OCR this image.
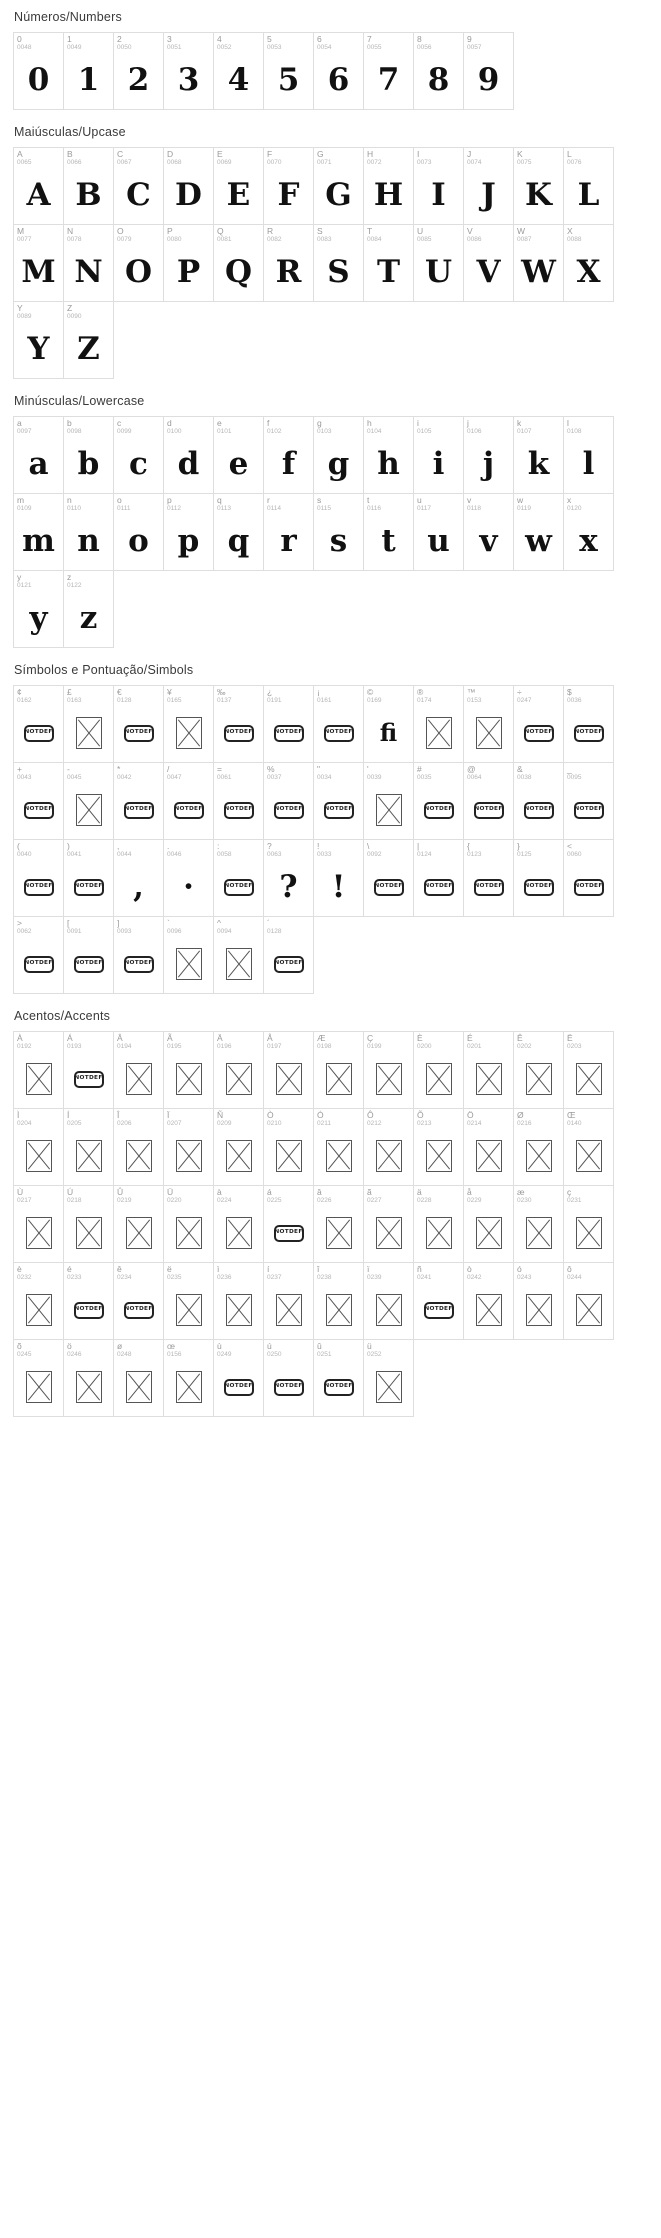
Números/Numbers
0
0048
0
1
0049
1
2
0050
2
3
0051
3
4
0052
4
5
0053
5
6
0054
6
7
0055
7
8
0056
8
9
0057
9
Maiúsculas/Upcase
A
0065
A
B
0066
B
C
0067
C
D
0068
D
E
0069
E
F
0070
F
G
0071
G
H
0072
H
I
0073
I
J
0074
J
K
0075
K
L
0076
L
M
0077
M
N
0078
N
O
0079
O
P
0080
P
Q
0081
Q
R
0082
R
S
0083
S
T
0084
T
U
0085
U
V
0086
V
W
0087
W
X
0088
X
Y
0089
Y
Z
0090
Z
Minúsculas/Lowercase
a
0097
a
b
0098
b
c
0099
c
d
0100
d
e
0101
e
f
0102
f
g
0103
g
h
0104
h
i
0105
i
j
0106
j
k
0107
k
l
0108
l
m
0109
m
n
0110
n
o
0111
o
p
0112
p
q
0113
q
r
0114
r
s
0115
s
t
0116
t
u
0117
u
v
0118
v
w
0119
w
x
0120
x
y
0121
y
z
0122
z
Símbolos e Pontuação/Simbols
¢
0162
NOTDEF
£
0163
€
0128
NOTDEF
¥
0165
‰
0137
NOTDEF
¿
0191
NOTDEF
¡
0161
NOTDEF
©
0169
fi
®
0174
™
0153
÷
0247
NOTDEF
$
0036
NOTDEF
+
0043
NOTDEF
-
0045
*
0042
NOTDEF
/
0047
NOTDEF
=
0061
NOTDEF
%
0037
NOTDEF
"
0034
NOTDEF
'
0039
#
0035
NOTDEF
@
0064
NOTDEF
&
0038
NOTDEF
_
0095
NOTDEF
(
0040
NOTDEF
)
0041
NOTDEF
,
0044
,
.
0046
·
:
0058
NOTDEF
?
0063
?
!
0033
!
\
0092
NOTDEF
|
0124
NOTDEF
{
0123
NOTDEF
}
0125
NOTDEF
<
0060
NOTDEF
>
0062
NOTDEF
[
0091
NOTDEF
]
0093
NOTDEF
`
0096
^
0094
´
0128
NOTDEF
Acentos/Accents
À
0192
Á
0193
NOTDEF
Â
0194
Ã
0195
Ä
0196
Å
0197
Æ
0198
Ç
0199
È
0200
É
0201
Ê
0202
Ë
0203
Ì
0204
Í
0205
Î
0206
Ï
0207
Ñ
0209
Ò
0210
Ó
0211
Ô
0212
Õ
0213
Ö
0214
Ø
0216
Œ
0140
Ù
0217
Ú
0218
Û
0219
Ü
0220
à
0224
á
0225
NOTDEF
â
0226
ã
0227
ä
0228
å
0229
æ
0230
ç
0231
è
0232
é
0233
NOTDEF
ê
0234
NOTDEF
ë
0235
ì
0236
í
0237
î
0238
ï
0239
ñ
0241
NOTDEF
ò
0242
ó
0243
ô
0244
õ
0245
ö
0246
ø
0248
œ
0156
ù
0249
NOTDEF
ú
0250
NOTDEF
û
0251
NOTDEF
ü
0252
